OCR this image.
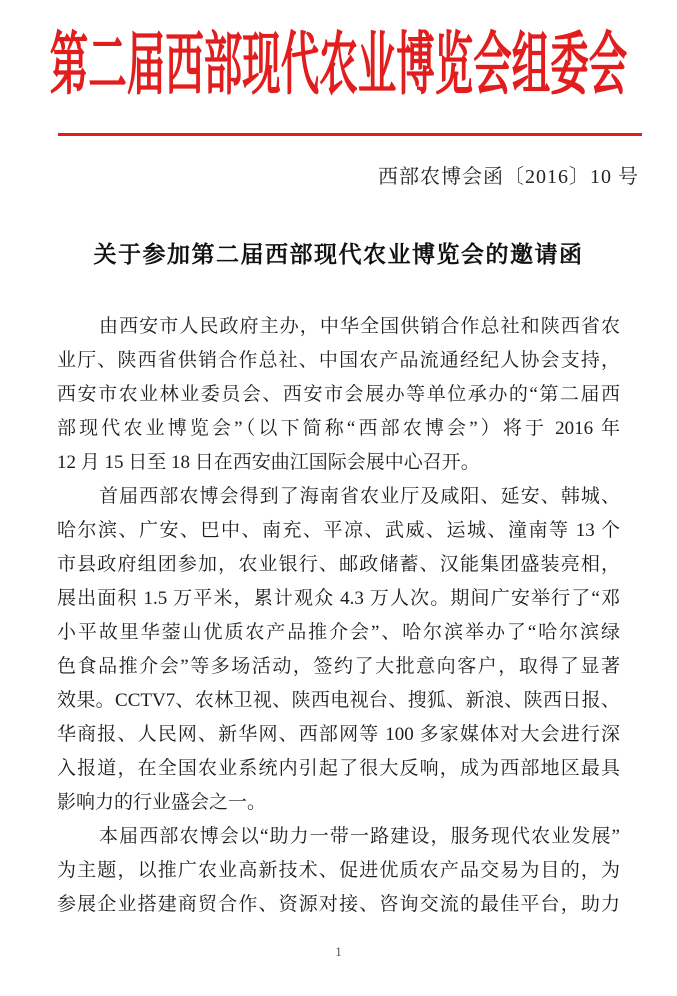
第二届西部现代农业博览会组委会
西部农博会函〔2016〕10 号
关于参加第二届西部现代农业博览会的邀请函
由西安市人民政府主办，中华全国供销合作总社和陕西省农
业厅、陕西省供销合作总社、中国农产品流通经纪人协会支持，
西安市农业林业委员会、西安市会展办等单位承办的“第二届西
部现代农业博览会”（以下简称“西部农博会”）将于 2016 年
12 月 15 日至 18 日在西安曲江国际会展中心召开。
首届西部农博会得到了海南省农业厅及咸阳、延安、韩城、
哈尔滨、广安、巴中、南充、平凉、武威、运城、潼南等 13 个
市县政府组团参加，农业银行、邮政储蓄、汉能集团盛装亮相，
展出面积 1.5 万平米，累计观众 4.3 万人次。期间广安举行了“邓
小平故里华蓥山优质农产品推介会”、哈尔滨举办了“哈尔滨绿
色食品推介会”等多场活动，签约了大批意向客户，取得了显著
效果。CCTV7、农林卫视、陕西电视台、搜狐、新浪、陕西日报、
华商报、人民网、新华网、西部网等 100 多家媒体对大会进行深
入报道，在全国农业系统内引起了很大反响，成为西部地区最具
影响力的行业盛会之一。
本届西部农博会以“助力一带一路建设，服务现代农业发展”
为主题，以推广农业高新技术、促进优质农产品交易为目的，为
参展企业搭建商贸合作、资源对接、咨询交流的最佳平台，助力
1
